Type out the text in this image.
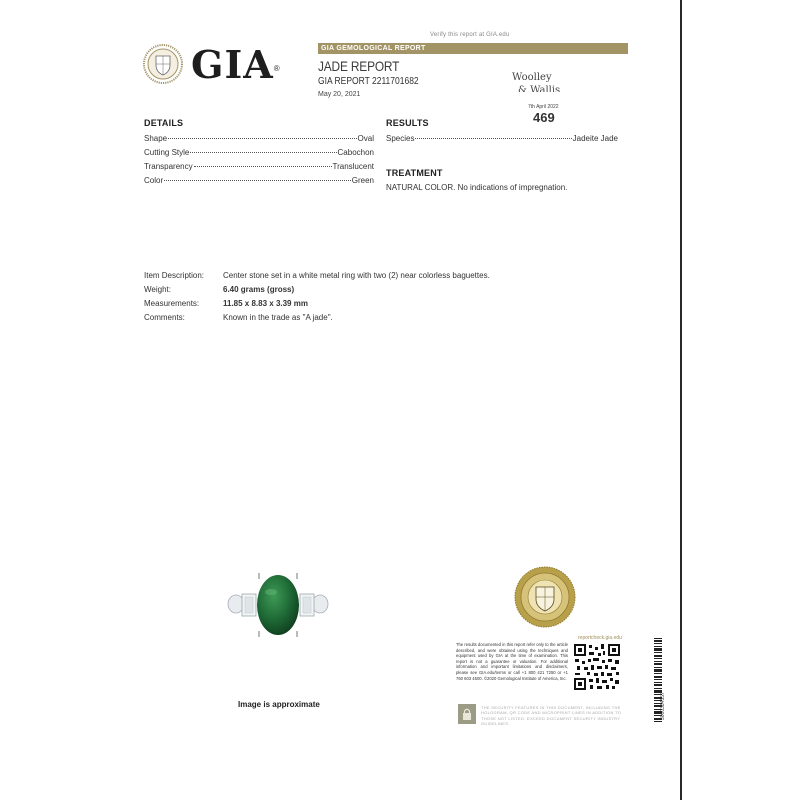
Verify this report at GIA.edu
GIA®
GIA GEMOLOGICAL REPORT
JADE REPORT
GIA REPORT 2211701682
May 20, 2021
Woolley
& Wallis
7th April 2022
469
DETAILS
Shape	Oval
Cutting Style	Cabochon
Transparency	Translucent
Color	Green
RESULTS
Species	Jadeite Jade
TREATMENT
NATURAL COLOR. No indications of impregnation.
Item Description: Center stone set in a white metal ring with two (2) near colorless baguettes.
Weight:	6.40 grams (gross)
Measurements:	11.85 x 8.83 x 3.39 mm
Comments:	Known in the trade as "A jade".
Image is approximate
reportcheck.gia.edu
The results documented in this report refer only to the article described, and were obtained using the techniques and equipment used by GIA at the time of examination. This report is not a guarantee or valuation. For additional information and important limitations and disclaimers, please see GIA.edu/terms or call +1 800 421 7250 or +1 760 603 4500. ©2020 Gemological Institute of America, Inc.
THE SECURITY FEATURES IN THIS DOCUMENT, INCLUDING THE HOLOGRAM, QR CODE AND MICROPRINT LINES IN ADDITION TO THOSE NOT LISTED, EXCEED DOCUMENT SECURITY INDUSTRY GUIDELINES.
3000384557
